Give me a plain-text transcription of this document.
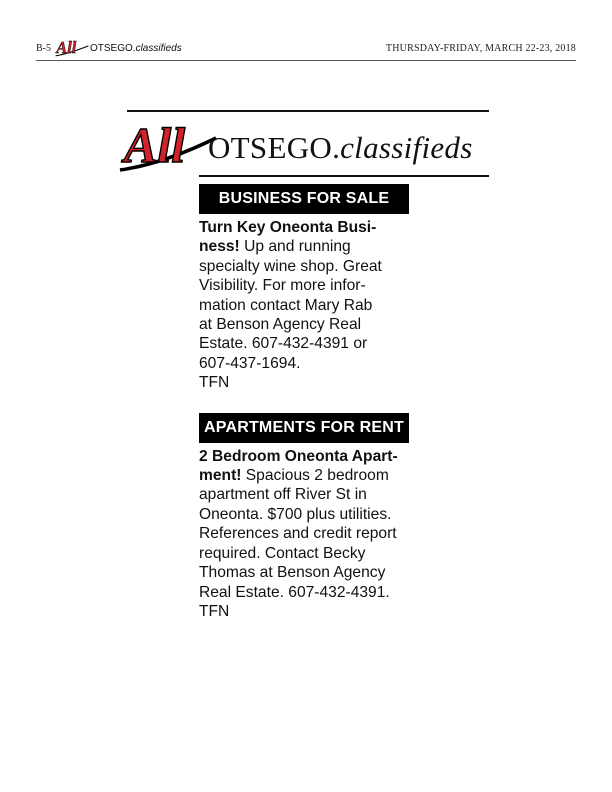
B-5 All OTSEGO.classifieds	THURSDAY-FRIDAY, MARCH 22-23, 2018
All OTSEGO.classifieds
BUSINESS FOR SALE
Turn Key Oneonta Busi-
ness! Up and running
specialty wine shop. Great
Visibility. For more infor-
mation contact Mary Rab
at Benson Agency Real
Estate. 607-432-4391 or
607-437-1694.
TFN
APARTMENTS FOR RENT
2 Bedroom Oneonta Apart-
ment! Spacious 2 bedroom
apartment off River St in
Oneonta. $700 plus utilities.
References and credit report
required. Contact Becky
Thomas at Benson Agency
Real Estate. 607-432-4391.
TFN
